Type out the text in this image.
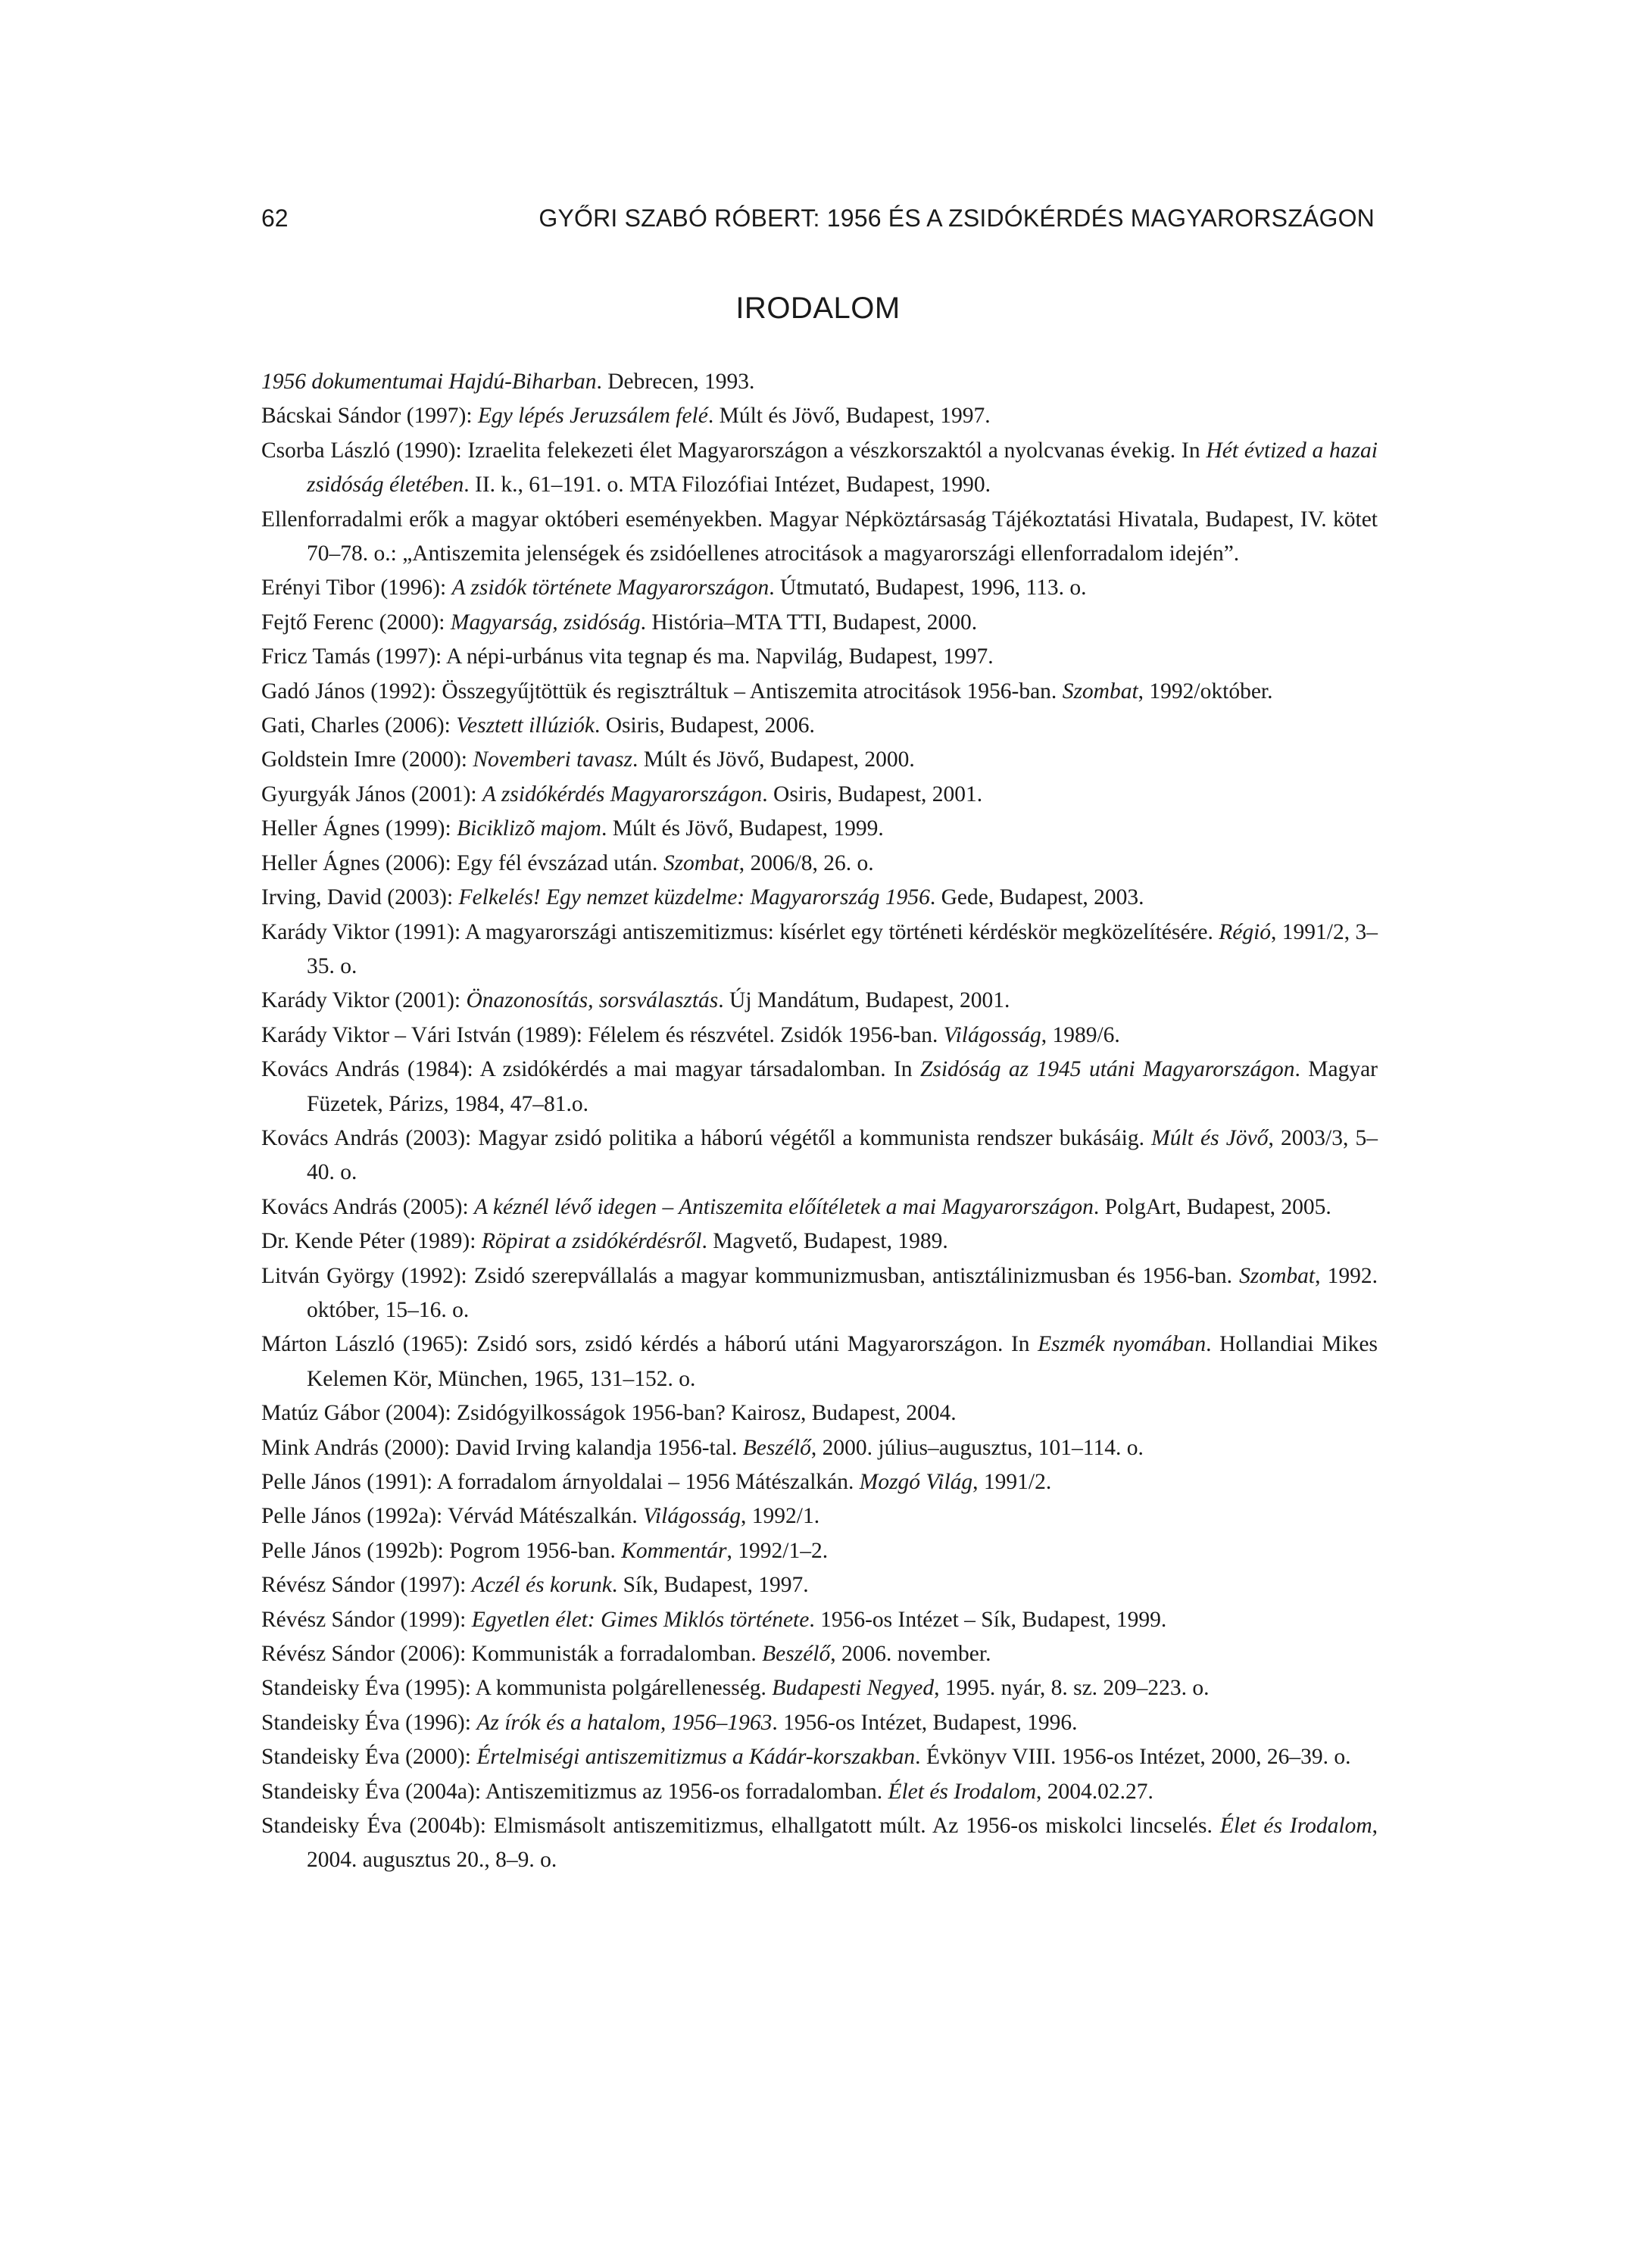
62	GYŐRI SZABÓ RÓBERT: 1956 ÉS A ZSIDÓKÉRDÉS MAGYARORSZÁGON
IRODALOM
1956 dokumentumai Hajdú-Biharban. Debrecen, 1993.
Bácskai Sándor (1997): Egy lépés Jeruzsálem felé. Múlt és Jövő, Budapest, 1997.
Csorba László (1990): Izraelita felekezeti élet Magyarországon a vészkorszaktól a nyolcvanas évekig. In Hét évtized a hazai zsidóság életében. II. k., 61–191. o. MTA Filozófiai Intézet, Budapest, 1990.
Ellenforradalmi erők a magyar októberi eseményekben. Magyar Népköztársaság Tájékoztatási Hivatala, Budapest, IV. kötet 70–78. o.: „Antiszemita jelenségek és zsidóellenes atrocitások a magyarországi ellenforradalom idején”.
Erényi Tibor (1996): A zsidók története Magyarországon. Útmutató, Budapest, 1996, 113. o.
Fejtő Ferenc (2000): Magyarság, zsidóság. História–MTA TTI, Budapest, 2000.
Fricz Tamás (1997): A népi-urbánus vita tegnap és ma. Napvilág, Budapest, 1997.
Gadó János (1992): Összegyűjtöttük és regisztráltuk – Antiszemita atrocitások 1956-ban. Szombat, 1992/október.
Gati, Charles (2006): Vesztett illúziók. Osiris, Budapest, 2006.
Goldstein Imre (2000): Novemberi tavasz. Múlt és Jövő, Budapest, 2000.
Gyurgyák János (2001): A zsidókérdés Magyarországon. Osiris, Budapest, 2001.
Heller Ágnes (1999): Biciklizõ majom. Múlt és Jövő, Budapest, 1999.
Heller Ágnes (2006): Egy fél évszázad után. Szombat, 2006/8, 26. o.
Irving, David (2003): Felkelés! Egy nemzet küzdelme: Magyarország 1956. Gede, Budapest, 2003.
Karády Viktor (1991): A magyarországi antiszemitizmus: kísérlet egy történeti kérdéskör megközelítésére. Régió, 1991/2, 3–35. o.
Karády Viktor (2001): Önazonosítás, sorsválasztás. Új Mandátum, Budapest, 2001.
Karády Viktor – Vári István (1989): Félelem és részvétel. Zsidók 1956-ban. Világosság, 1989/6.
Kovács András (1984): A zsidókérdés a mai magyar társadalomban. In Zsidóság az 1945 utáni Magyarországon. Magyar Füzetek, Párizs, 1984, 47–81.o.
Kovács András (2003): Magyar zsidó politika a háború végétől a kommunista rendszer bukásáig. Múlt és Jövő, 2003/3, 5–40. o.
Kovács András (2005): A kéznél lévő idegen – Antiszemita előítéletek a mai Magyarországon. PolgArt, Budapest, 2005.
Dr. Kende Péter (1989): Röpirat a zsidókérdésről. Magvető, Budapest, 1989.
Litván György (1992): Zsidó szerepvállalás a magyar kommunizmusban, antisztálinizmusban és 1956-ban. Szombat, 1992. október, 15–16. o.
Márton László (1965): Zsidó sors, zsidó kérdés a háború utáni Magyarországon. In Eszmék nyomában. Hollandiai Mikes Kelemen Kör, München, 1965, 131–152. o.
Matúz Gábor (2004): Zsidógyilkosságok 1956-ban? Kairosz, Budapest, 2004.
Mink András (2000): David Irving kalandja 1956-tal. Beszélő, 2000. július–augusztus, 101–114. o.
Pelle János (1991): A forradalom árnyoldalai – 1956 Mátészalkán. Mozgó Világ, 1991/2.
Pelle János (1992a): Vérvád Mátészalkán. Világosság, 1992/1.
Pelle János (1992b): Pogrom 1956-ban. Kommentár, 1992/1–2.
Révész Sándor (1997): Aczél és korunk. Sík, Budapest, 1997.
Révész Sándor (1999): Egyetlen élet: Gimes Miklós története. 1956-os Intézet – Sík, Budapest, 1999.
Révész Sándor (2006): Kommunisták a forradalomban. Beszélő, 2006. november.
Standeisky Éva (1995): A kommunista polgárellenesség. Budapesti Negyed, 1995. nyár, 8. sz. 209–223. o.
Standeisky Éva (1996): Az írók és a hatalom, 1956–1963. 1956-os Intézet, Budapest, 1996.
Standeisky Éva (2000): Értelmiségi antiszemitizmus a Kádár-korszakban. Évkönyv VIII. 1956-os Intézet, 2000, 26–39. o.
Standeisky Éva (2004a): Antiszemitizmus az 1956-os forradalomban. Élet és Irodalom, 2004.02.27.
Standeisky Éva (2004b): Elmismásolt antiszemitizmus, elhallgatott múlt. Az 1956-os miskolci lincselés. Élet és Irodalom, 2004. augusztus 20., 8–9. o.
